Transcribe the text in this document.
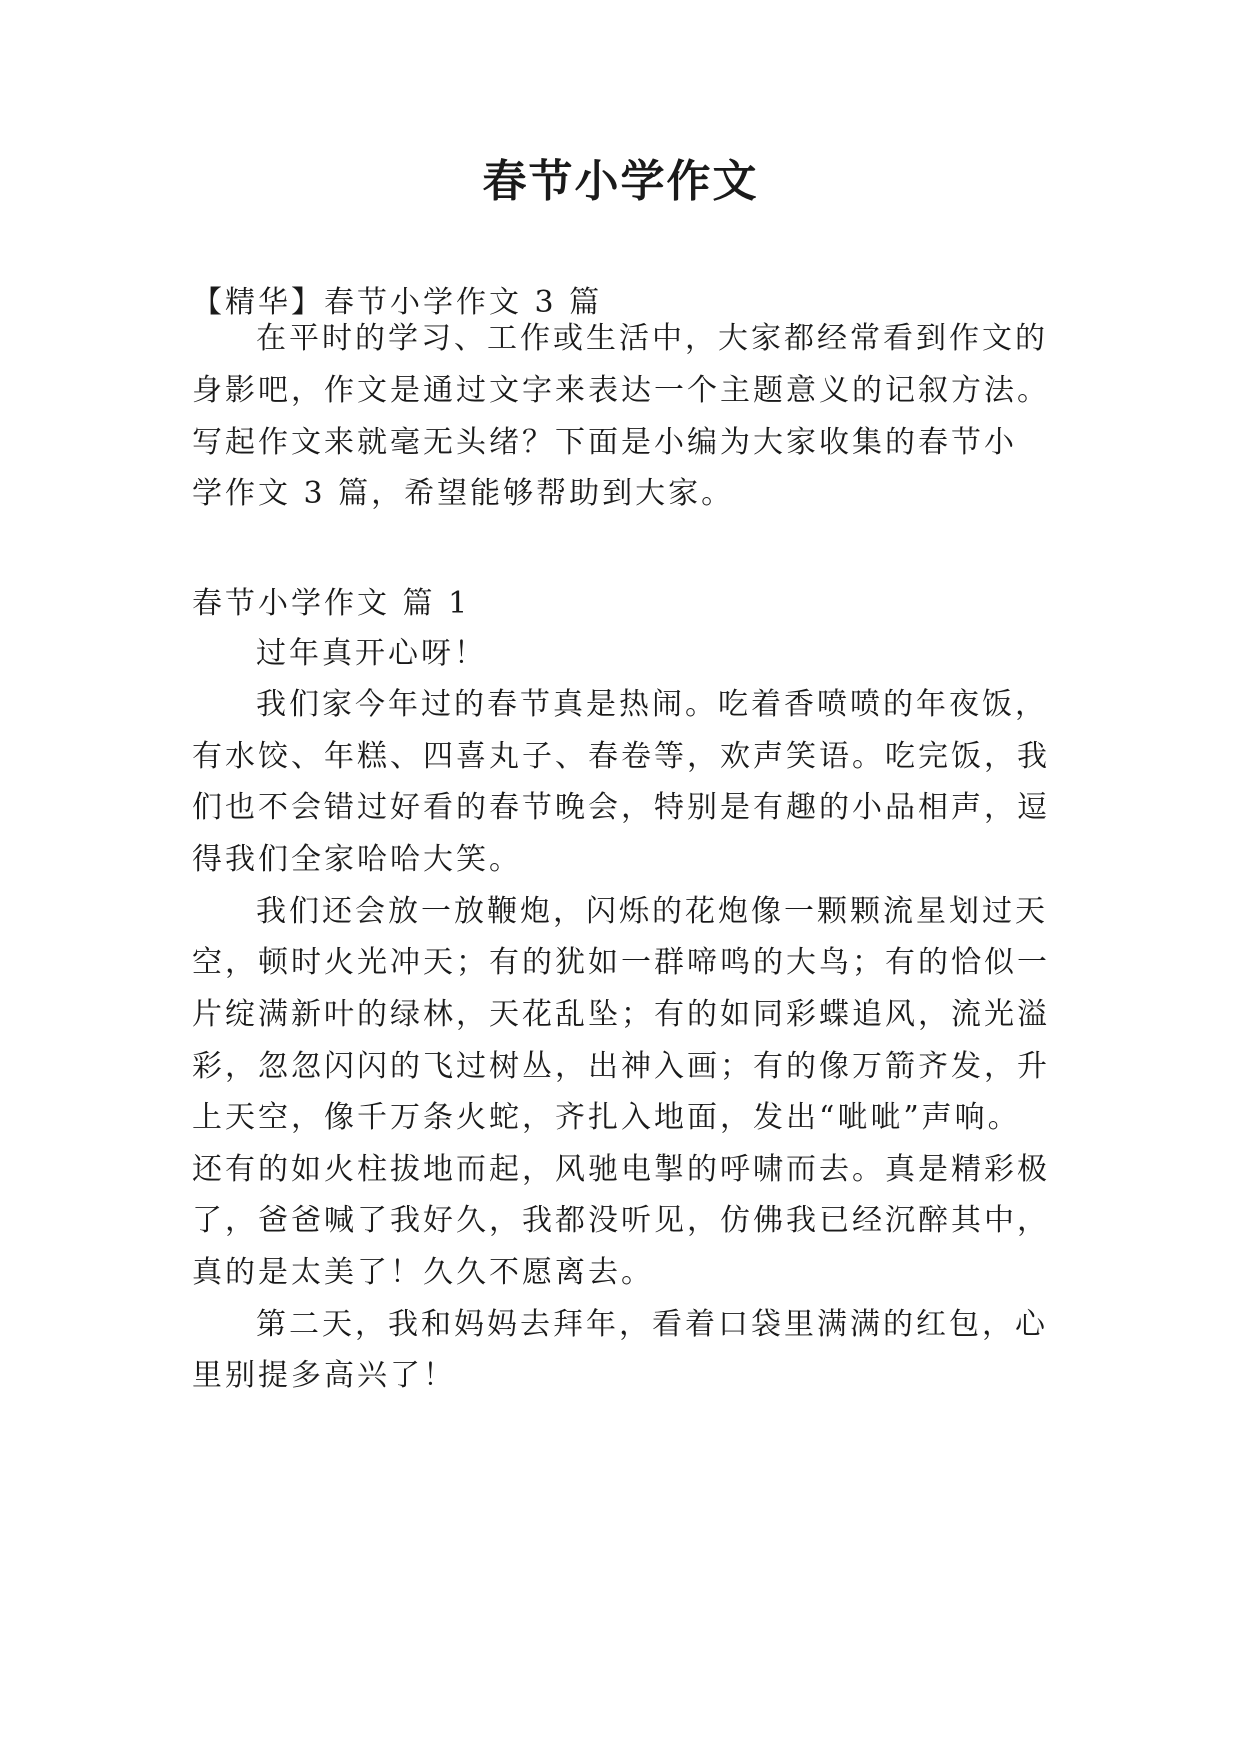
春节小学作文

【精华】春节小学作文 3 篇

在平时的学习、工作或生活中，大家都经常看到作文的

身影吧，作文是通过文字来表达一个主题意义的记叙方法。

写起作文来就毫无头绪？下面是小编为大家收集的春节小

学作文 3 篇，希望能够帮助到大家。

春节小学作文 篇 1

过年真开心呀！

我们家今年过的春节真是热闹。吃着香喷喷的年夜饭，

有水饺、年糕、四喜丸子、春卷等，欢声笑语。吃完饭，我

们也不会错过好看的春节晚会，特别是有趣的小品相声，逗

得我们全家哈哈大笑。

我们还会放一放鞭炮，闪烁的花炮像一颗颗流星划过天

空，顿时火光冲天；有的犹如一群啼鸣的大鸟；有的恰似一

片绽满新叶的绿林，天花乱坠；有的如同彩蝶追风，流光溢

彩，忽忽闪闪的飞过树丛，出神入画；有的像万箭齐发，升

上天空，像千万条火蛇，齐扎入地面，发出“呲呲”声响。

还有的如火柱拔地而起，风驰电掣的呼啸而去。真是精彩极

了，爸爸喊了我好久，我都没听见，仿佛我已经沉醉其中，

真的是太美了！久久不愿离去。

第二天，我和妈妈去拜年，看着口袋里满满的红包，心

里别提多高兴了！
